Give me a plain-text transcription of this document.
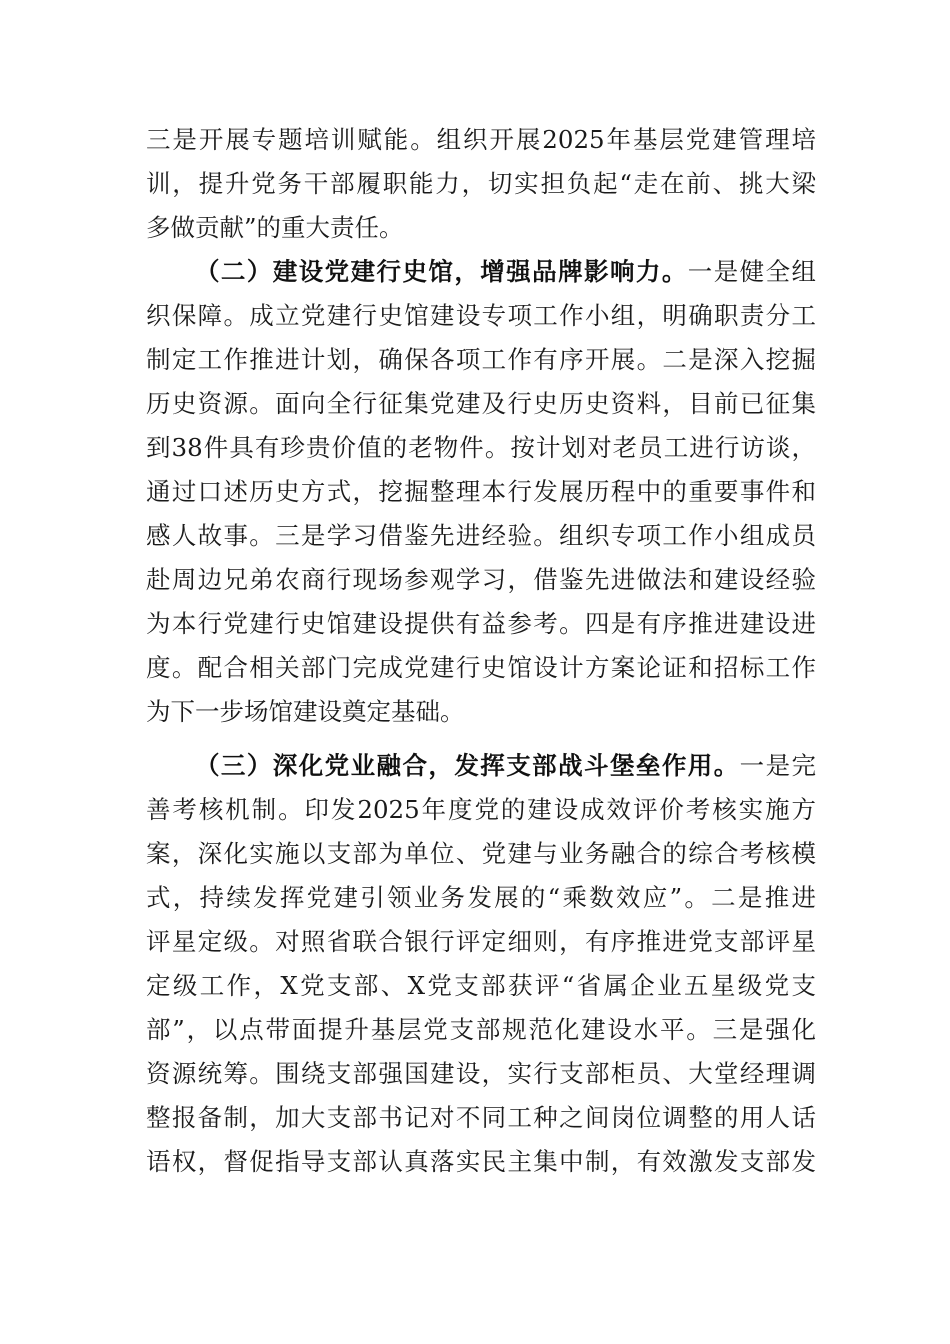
三是开展专题培训赋能。组织开展2025年基层党建管理培
训，提升党务干部履职能力，切实担负起“走在前、挑大梁
多做贡献”的重大责任。
（二）建设党建行史馆，增强品牌影响力。一是健全组
织保障。成立党建行史馆建设专项工作小组，明确职责分工
制定工作推进计划，确保各项工作有序开展。二是深入挖掘
历史资源。面向全行征集党建及行史历史资料，目前已征集
到38件具有珍贵价值的老物件。按计划对老员工进行访谈，
通过口述历史方式，挖掘整理本行发展历程中的重要事件和
感人故事。三是学习借鉴先进经验。组织专项工作小组成员
赴周边兄弟农商行现场参观学习，借鉴先进做法和建设经验
为本行党建行史馆建设提供有益参考。四是有序推进建设进
度。配合相关部门完成党建行史馆设计方案论证和招标工作
为下一步场馆建设奠定基础。
（三）深化党业融合，发挥支部战斗堡垒作用。一是完
善考核机制。印发2025年度党的建设成效评价考核实施方
案，深化实施以支部为单位、党建与业务融合的综合考核模
式，持续发挥党建引领业务发展的“乘数效应”。二是推进
评星定级。对照省联合银行评定细则，有序推进党支部评星
定级工作，X党支部、X党支部获评“省属企业五星级党支
部”，以点带面提升基层党支部规范化建设水平。三是强化
资源统筹。围绕支部强国建设，实行支部柜员、大堂经理调
整报备制，加大支部书记对不同工种之间岗位调整的用人话
语权，督促指导支部认真落实民主集中制，有效激发支部发
